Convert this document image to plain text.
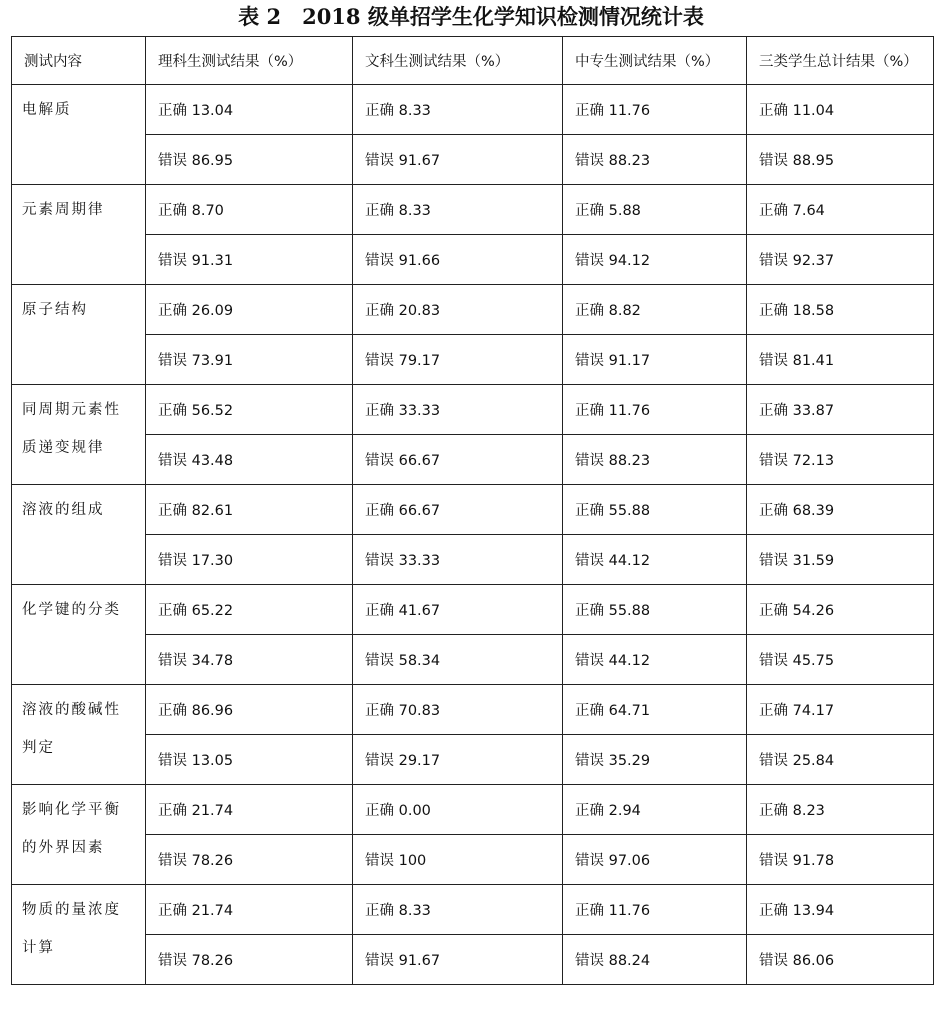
表 2　2018 级单招学生化学知识检测情况统计表
测试内容	理科生测试结果（%）	文科生测试结果（%）	中专生测试结果（%）	三类学生总计结果（%）

电解质	正确 13.04	正确 8.33	正确 11.76	正确 11.04
	错误 86.95	错误 91.67	错误 88.23	错误 88.95

元素周期律	正确 8.70	正确 8.33	正确 5.88	正确 7.64
	错误 91.31	错误 91.66	错误 94.12	错误 92.37

原子结构	正确 26.09	正确 20.83	正确 8.82	正确 18.58
	错误 73.91	错误 79.17	错误 91.17	错误 81.41

同周期元素性
质递变规律	正确 56.52	正确 33.33	正确 11.76	正确 33.87
	错误 43.48	错误 66.67	错误 88.23	错误 72.13

溶液的组成	正确 82.61	正确 66.67	正确 55.88	正确 68.39
	错误 17.30	错误 33.33	错误 44.12	错误 31.59

化学键的分类	正确 65.22	正确 41.67	正确 55.88	正确 54.26
	错误 34.78	错误 58.34	错误 44.12	错误 45.75

溶液的酸碱性
判定	正确 86.96	正确 70.83	正确 64.71	正确 74.17
	错误 13.05	错误 29.17	错误 35.29	错误 25.84

影响化学平衡
的外界因素	正确 21.74	正确 0.00	正确 2.94	正确 8.23
	错误 78.26	错误 100	错误 97.06	错误 91.78

物质的量浓度
计算	正确 21.74	正确 8.33	正确 11.76	正确 13.94
	错误 78.26	错误 91.67	错误 88.24	错误 86.06
